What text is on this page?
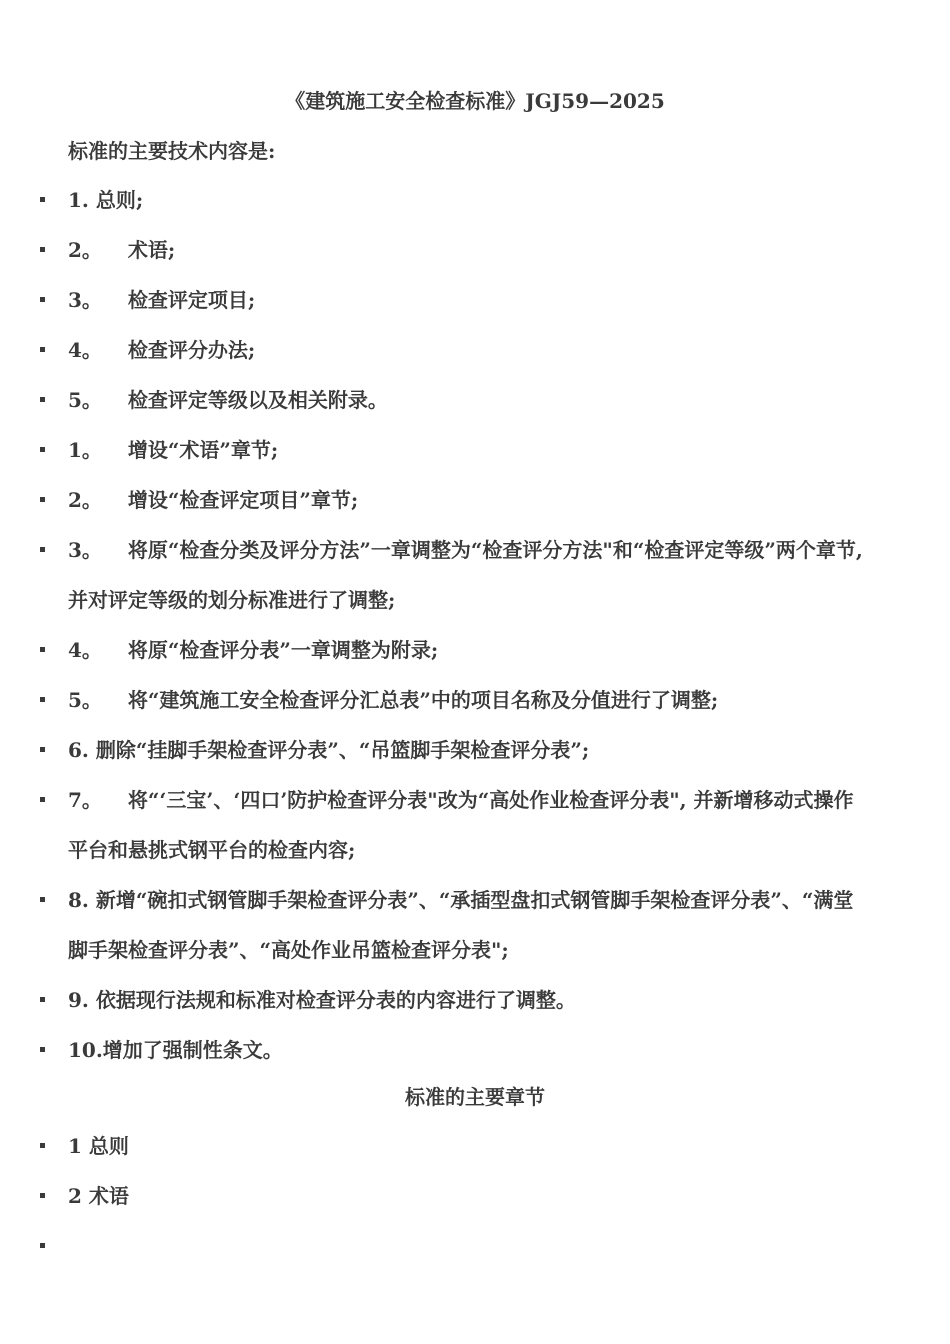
《建筑施工安全检查标准》JGJ59—2025
标准的主要技术内容是:
1. 总则;
2。 术语;
3。 检查评定项目;
4。 检查评分办法;
5。 检查评定等级以及相关附录。
1。 增设“术语”章节;
2。 增设“检查评定项目”章节;
3。 将原“检查分类及评分方法”一章调整为“检查评分方法"和“检查评定等级”两个章节, 并对评定等级的划分标准进行了调整;
4。 将原“检查评分表”一章调整为附录;
5。 将“建筑施工安全检查评分汇总表”中的项目名称及分值进行了调整;
6. 删除“挂脚手架检查评分表”、“吊篮脚手架检查评分表”;
7。 将“‘三宝’、‘四口’防护检查评分表"改为“高处作业检查评分表", 并新增移动式操作平台和悬挑式钢平台的检查内容;
8. 新增“碗扣式钢管脚手架检查评分表”、“承插型盘扣式钢管脚手架检查评分表”、“满堂脚手架检查评分表”、“高处作业吊篮检查评分表";
9. 依据现行法规和标准对检查评分表的内容进行了调整。
10.增加了强制性条文。
标准的主要章节
1 总则
2 术语
